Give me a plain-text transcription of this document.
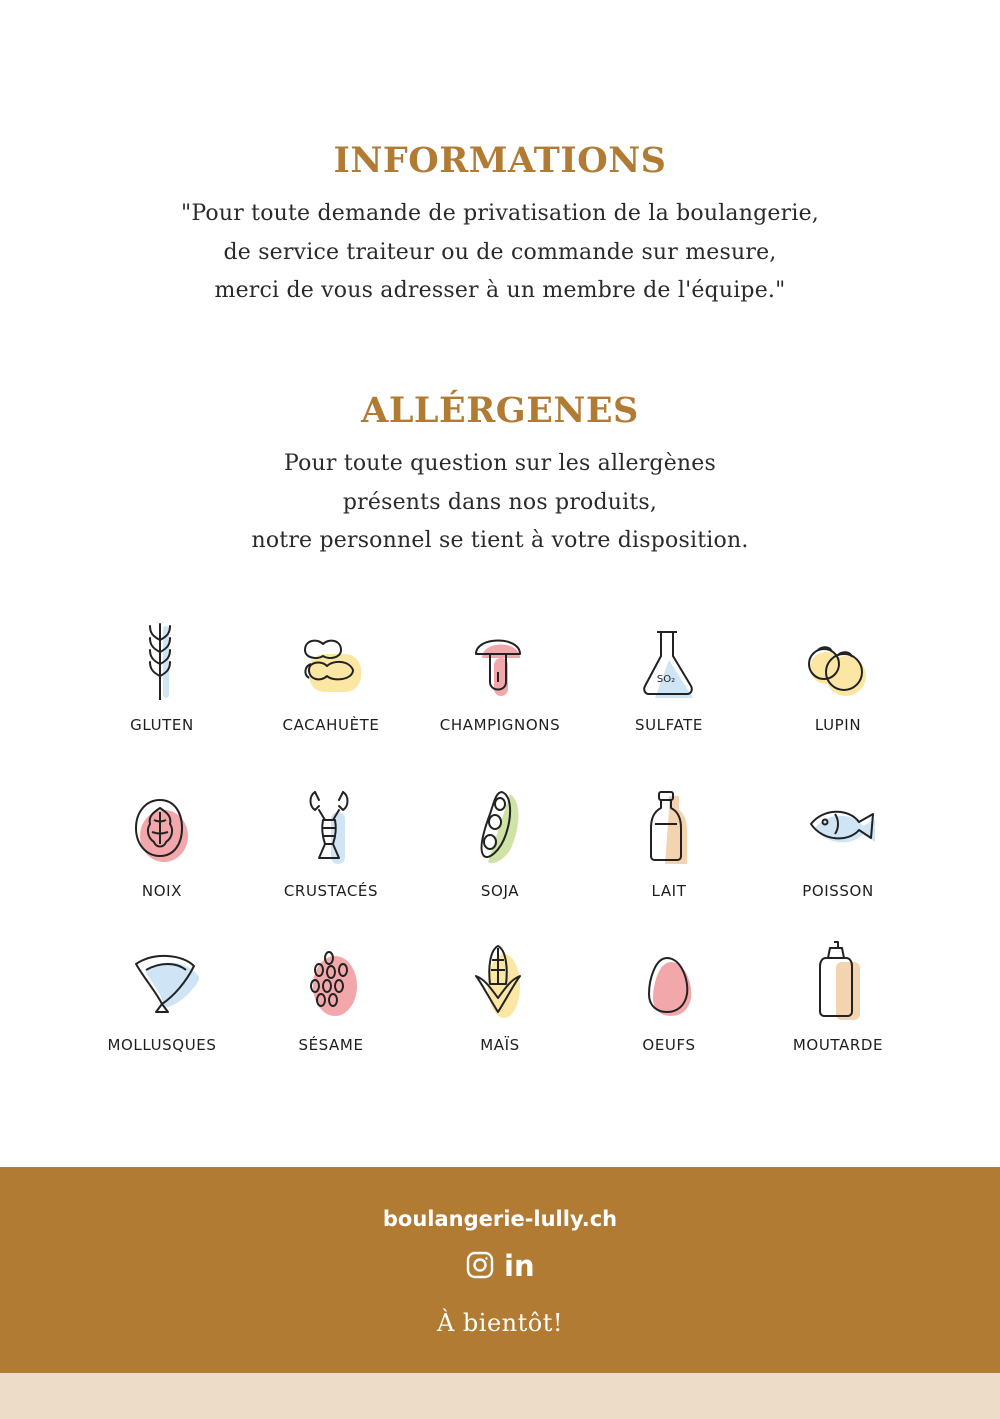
INFORMATIONS
"Pour toute demande de privatisation de la boulangerie,
de service traiteur ou de commande sur mesure,
merci de vous adresser à un membre de l'équipe."
ALLÉRGENES
Pour toute question sur les allergènes
présents dans nos produits,
notre personnel se tient à votre disposition.
GLUTEN	CACAHUÈTE	CHAMPIGNONS
SO₂
SULFATE	LUPIN
NOIX	CRUSTACÉS	SOJA	LAIT	POISSON
MOLLUSQUES	SÉSAME	MAÏS	OEUFS	MOUTARDE
boulangerie-lully.ch
in
À bientôt!
